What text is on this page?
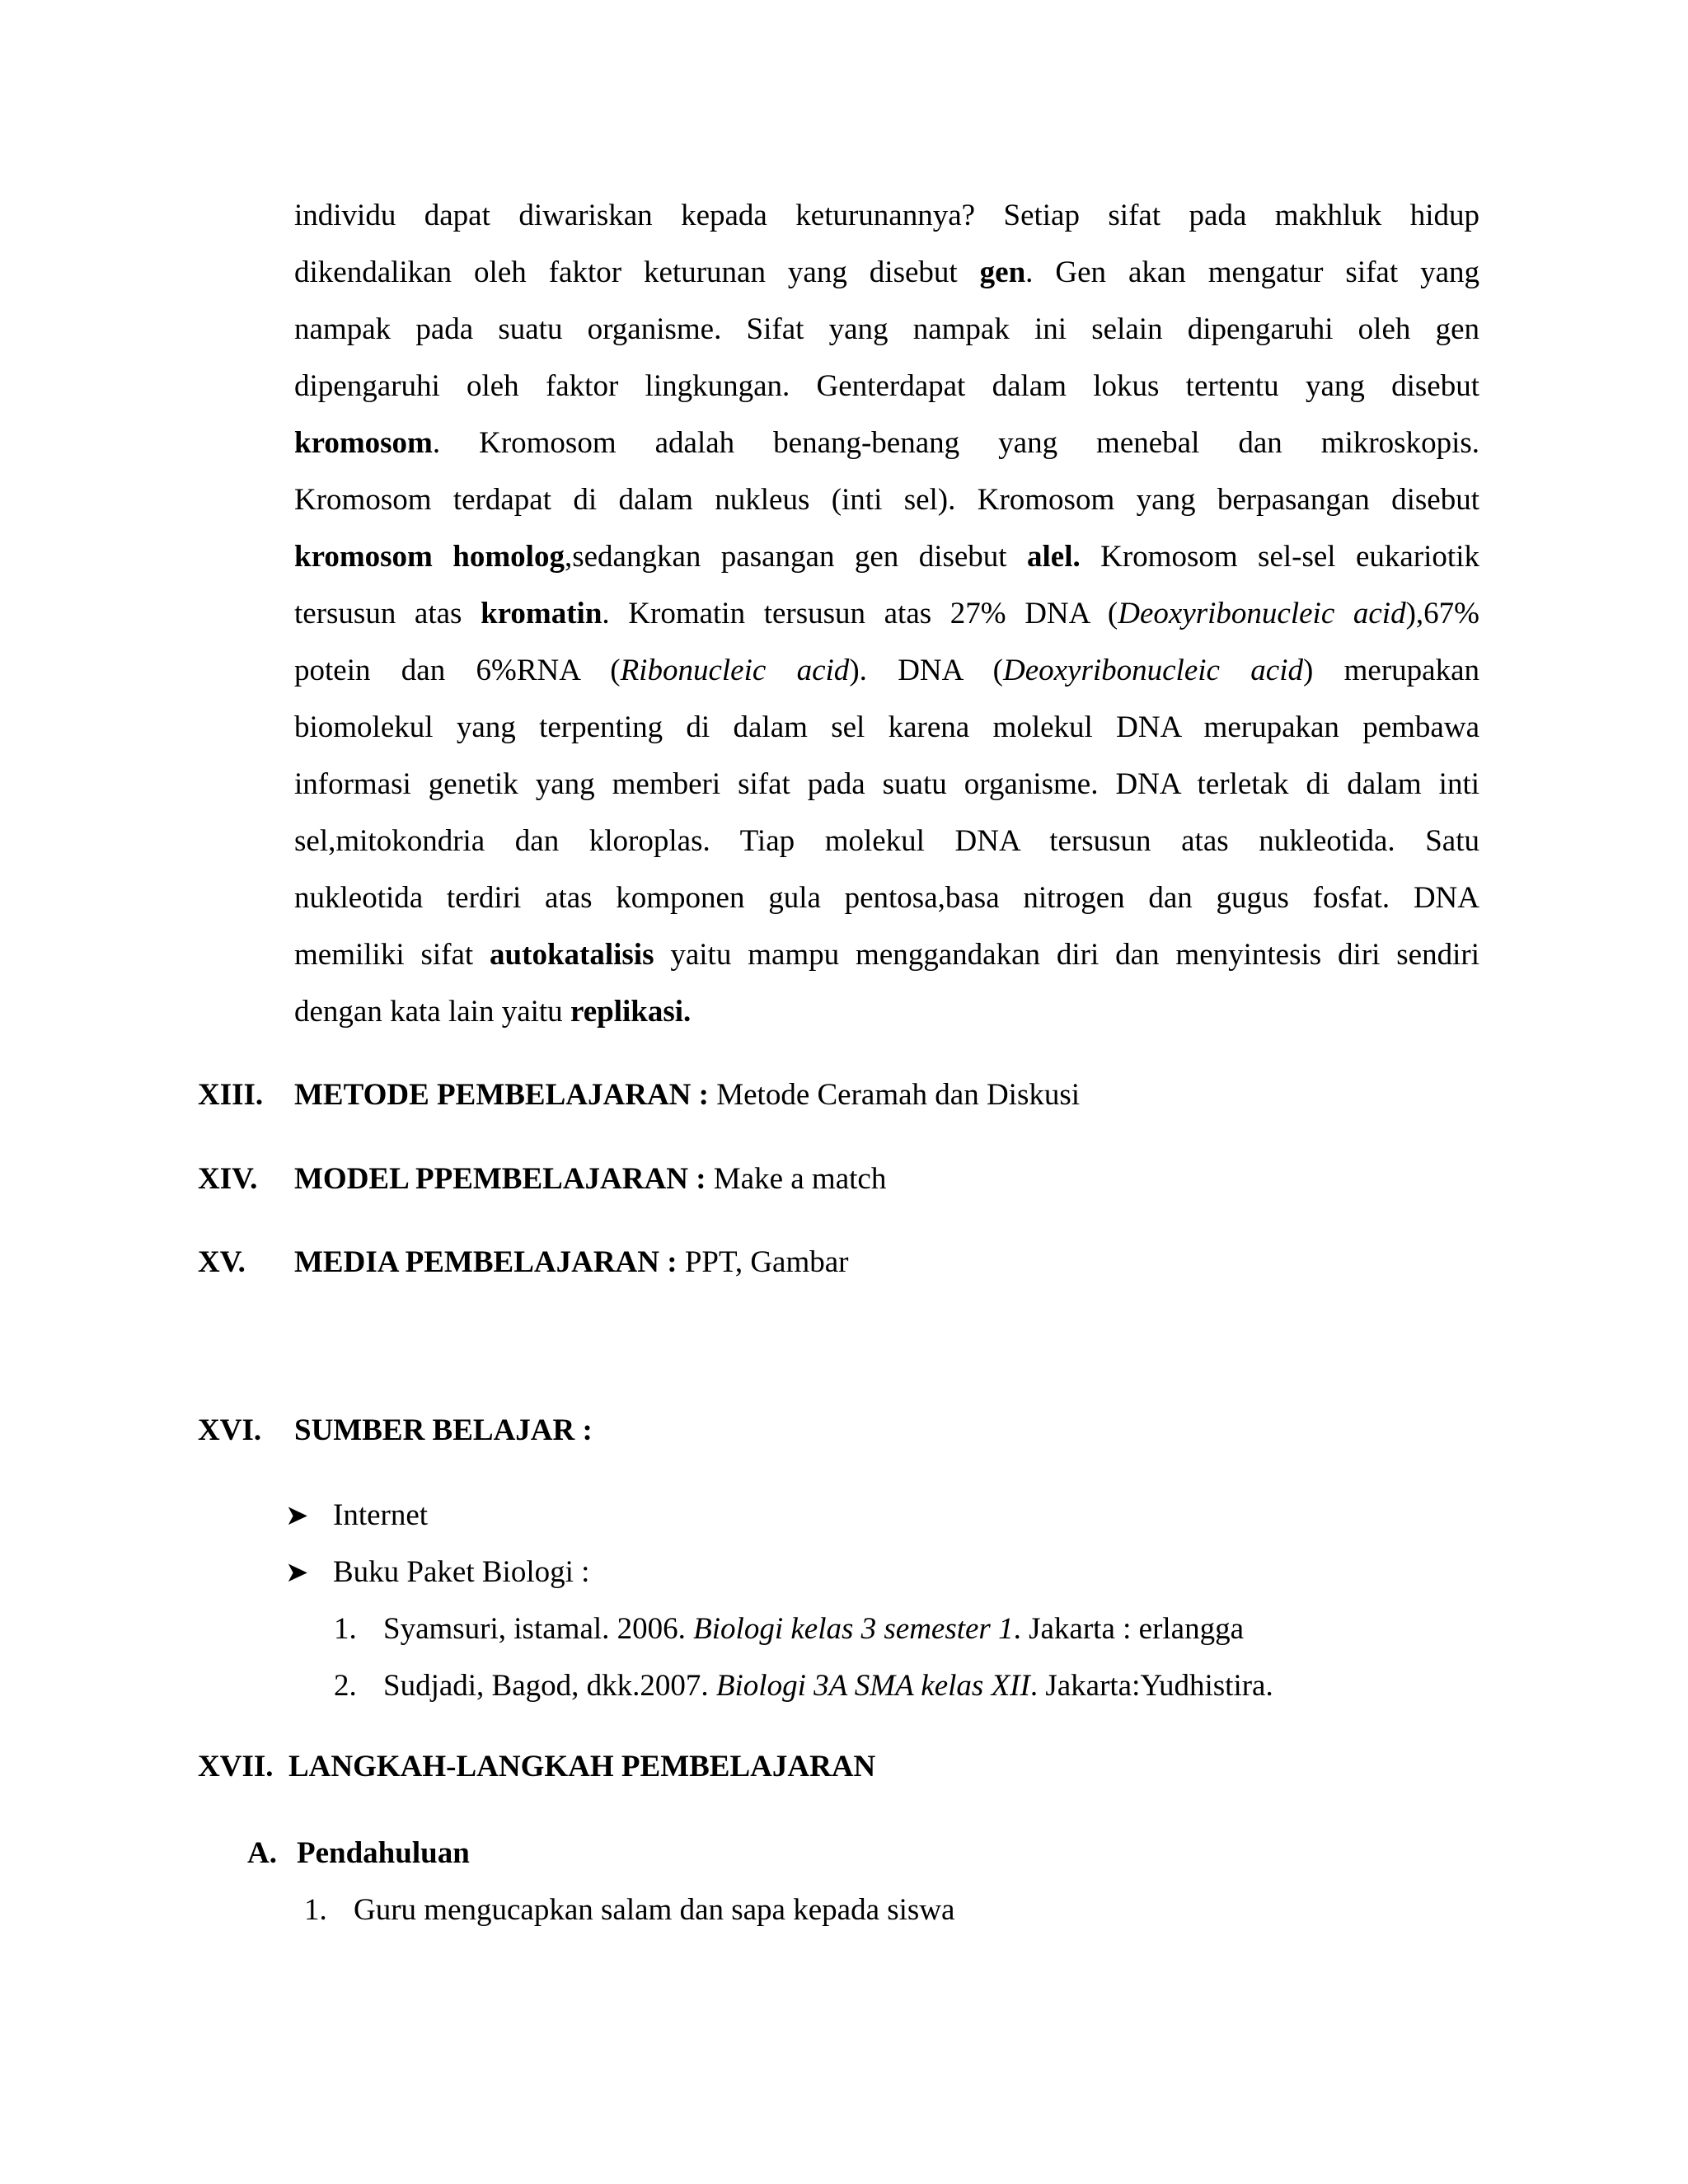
individu dapat diwariskan kepada keturunannya? Setiap sifat pada makhluk hidup
dikendalikan oleh faktor keturunan yang disebut gen. Gen akan mengatur sifat yang
nampak pada suatu organisme. Sifat yang nampak ini selain dipengaruhi oleh gen
dipengaruhi oleh faktor lingkungan. Genterdapat dalam lokus tertentu yang disebut
kromosom. Kromosom adalah benang-benang yang menebal dan mikroskopis.
Kromosom terdapat di dalam nukleus (inti sel). Kromosom yang berpasangan disebut
kromosom homolog,sedangkan pasangan gen disebut alel. Kromosom sel-sel eukariotik
tersusun atas kromatin. Kromatin tersusun atas 27% DNA (Deoxyribonucleic acid),67%
potein dan 6%RNA (Ribonucleic acid). DNA (Deoxyribonucleic acid) merupakan
biomolekul yang terpenting di dalam sel karena molekul DNA merupakan pembawa
informasi genetik yang memberi sifat pada suatu organisme. DNA terletak di dalam inti
sel,mitokondria dan kloroplas. Tiap molekul DNA tersusun atas nukleotida. Satu
nukleotida terdiri atas komponen gula pentosa,basa nitrogen dan gugus fosfat. DNA
memiliki sifat autokatalisis yaitu mampu menggandakan diri dan menyintesis diri sendiri
dengan kata lain yaitu replikasi.
XIII. METODE PEMBELAJARAN : Metode Ceramah dan Diskusi
XIV. MODEL PPEMBELAJARAN : Make a match
XV. MEDIA PEMBELAJARAN : PPT, Gambar
XVI. SUMBER BELAJAR :
➤ Internet
➤ Buku Paket Biologi :
1. Syamsuri, istamal. 2006. Biologi kelas 3 semester 1. Jakarta : erlangga
2. Sudjadi, Bagod, dkk.2007. Biologi 3A SMA kelas XII. Jakarta:Yudhistira.
XVII. LANGKAH-LANGKAH PEMBELAJARAN
A. Pendahuluan
1. Guru mengucapkan salam dan sapa kepada siswa
